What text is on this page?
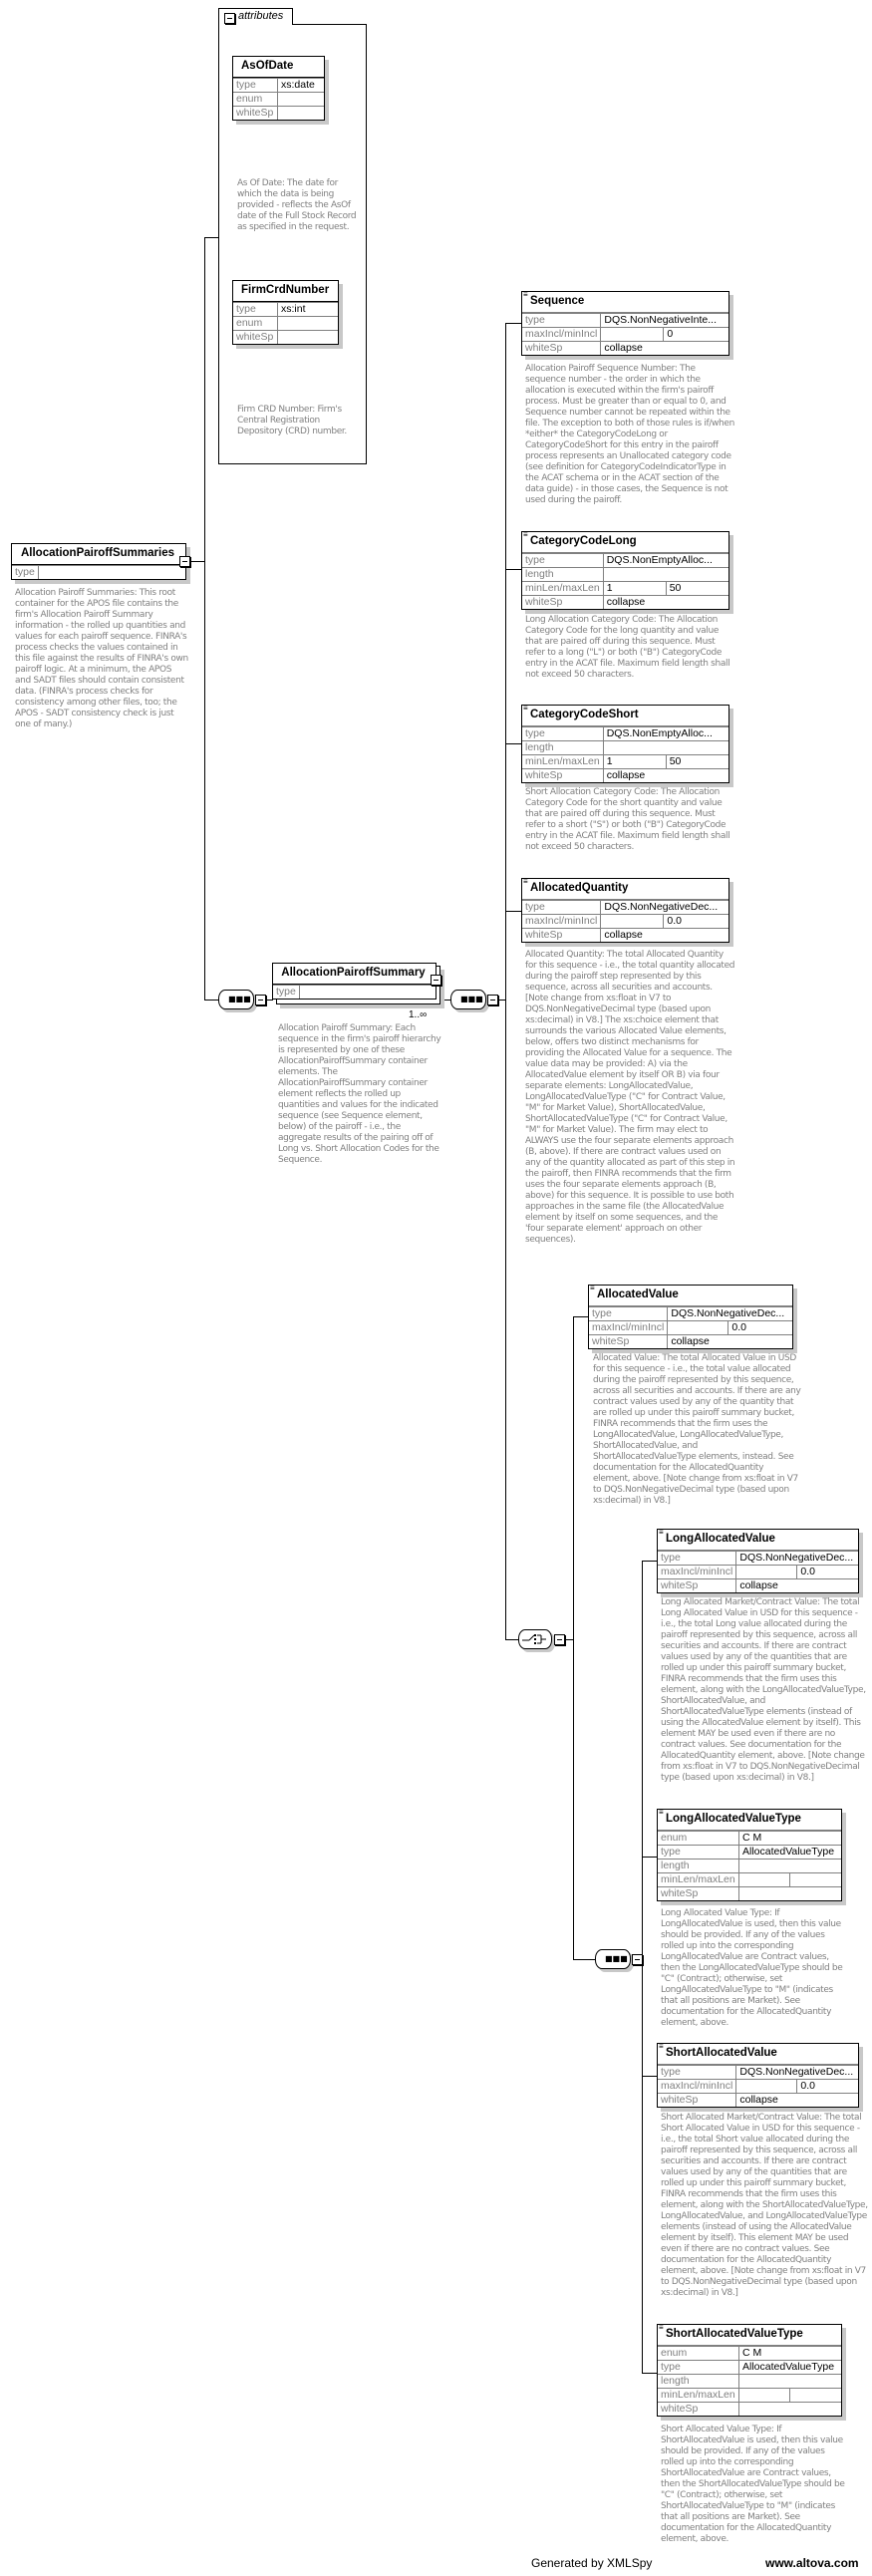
attributes
AsOfDate
type	xs:date
enum	
whiteSp	
As Of Date: The date for which the data is being provided - reflects the AsOf date of the Full Stock Record as specified in the request.
FirmCrdNumber
type	xs:int
enum	
whiteSp	
Firm CRD Number: Firm's Central Registration Depository (CRD) number.
AllocationPairoffSummaries
type	
Allocation Pairoff Summaries: This root container for the APOS file contains the firm's Allocation Pairoff Summary information - the rolled up quantities and values for each pairoff sequence. FINRA's process checks the values contained in this file against the results of FINRA's own pairoff logic. At a minimum, the APOS and SADT files should contain consistent data. (FINRA's process checks for consistency among other files, too; the APOS - SADT consistency check is just one of many.)
■■■
AllocationPairoffSummary
type	
1..∞
Allocation Pairoff Summary: Each sequence in the firm's pairoff hierarchy is represented by one of these AllocationPairoffSummary container elements. The AllocationPairoffSummary container element reflects the rolled up quantities and values for the indicated sequence (see Sequence element, below) of the pairoff - i.e., the aggregate results of the pairing off of Long vs. Short Allocation Codes for the Sequence.
■■■
≡
Sequence
type	DQS.NonNegativeInte...	
maxIncl/minIncl		0
whiteSp	collapse	
Allocation Pairoff Sequence Number: The sequence number - the order in which the allocation is executed within the firm's pairoff process. Must be greater than or equal to 0, and Sequence number cannot be repeated within the file. The exception to both of those rules is if/when *either* the CategoryCodeLong or CategoryCodeShort for this entry in the pairoff process represents an Unallocated category code (see definition for CategoryCodeIndicatorType in the ACAT schema or in the ACAT section of the data guide) - in those cases, the Sequence is not used during the pairoff.
≡
CategoryCodeLong
type	DQS.NonEmptyAlloc...	
length		
minLen/maxLen	1	50
whiteSp	collapse	
Long Allocation Category Code: The Allocation Category Code for the long quantity and value that are paired off during this sequence. Must refer to a long ("L") or both ("B") CategoryCode entry in the ACAT file. Maximum field length shall not exceed 50 characters.
≡
CategoryCodeShort
type	DQS.NonEmptyAlloc...	
length		
minLen/maxLen	1	50
whiteSp	collapse	
Short Allocation Category Code: The Allocation Category Code for the short quantity and value that are paired off during this sequence. Must refer to a short ("S") or both ("B") CategoryCode entry in the ACAT file. Maximum field length shall not exceed 50 characters.
≡
AllocatedQuantity
type	DQS.NonNegativeDec...	
maxIncl/minIncl		0.0
whiteSp	collapse	
Allocated Quantity: The total Allocated Quantity for this sequence - i.e., the total quantity allocated during the pairoff step represented by this sequence, across all securities and accounts. [Note change from xs:float in V7 to DQS.NonNegativeDecimal type (based upon xs:decimal) in V8.] The xs:choice element that surrounds the various Allocated Value elements, below, offers two distinct mechanisms for providing the Allocated Value for a sequence. The value data may be provided: A) via the AllocatedValue element by itself OR B) via four separate elements: LongAllocatedValue, LongAllocatedValueType ("C" for Contract Value, "M" for Market Value), ShortAllocatedValue, ShortAllocatedValueType ("C" for Contract Value, "M" for Market Value). The firm may elect to ALWAYS use the four separate elements approach (B, above). If there are contract values used on any of the quantity allocated as part of this step in the pairoff, then FINRA recommends that the firm uses the four separate elements approach (B, above) for this sequence. It is possible to use both approaches in the same file (the AllocatedValue element by itself on some sequences, and the 'four separate element' approach on other sequences).
≡
AllocatedValue
type	DQS.NonNegativeDec...	
maxIncl/minIncl		0.0
whiteSp	collapse	
Allocated Value: The total Allocated Value in USD for this sequence - i.e., the total value allocated during the pairoff represented by this sequence, across all securities and accounts. If there are any contract values used by any of the quantity that are rolled up under this pairoff summary bucket, FINRA recommends that the firm uses the LongAllocatedValue, LongAllocatedValueType, ShortAllocatedValue, and ShortAllocatedValueType elements, instead. See documentation for the AllocatedQuantity element, above. [Note change from xs:float in V7 to DQS.NonNegativeDecimal type (based upon xs:decimal) in V8.]
■■■
≡
LongAllocatedValue
type	DQS.NonNegativeDec...	
maxIncl/minIncl		0.0
whiteSp	collapse	
Long Allocated Market/Contract Value: The total Long Allocated Value in USD for this sequence - i.e., the total Long value allocated during the pairoff represented by this sequence, across all securities and accounts. If there are contract values used by any of the quantities that are rolled up under this pairoff summary bucket, FINRA recommends that the firm uses this element, along with the LongAllocatedValueType, ShortAllocatedValue, and ShortAllocatedValueType elements (instead of using the AllocatedValue element by itself). This element MAY be used even if there are no contract values. See documentation for the AllocatedQuantity element, above. [Note change from xs:float in V7 to DQS.NonNegativeDecimal type (based upon xs:decimal) in V8.]
≡
LongAllocatedValueType
enum	C M	
type	AllocatedValueType	
length		
minLen/maxLen		
whiteSp		
Long Allocated Value Type: If LongAllocatedValue is used, then this value should be provided. If any of the values rolled up into the corresponding LongAllocatedValue are Contract values, then the LongAllocatedValueType should be "C" (Contract); otherwise, set LongAllocatedValueType to "M" (indicates that all positions are Market). See documentation for the AllocatedQuantity element, above.
≡
ShortAllocatedValue
type	DQS.NonNegativeDec...	
maxIncl/minIncl		0.0
whiteSp	collapse	
Short Allocated Market/Contract Value: The total Short Allocated Value in USD for this sequence - i.e., the total Short value allocated during the pairoff represented by this sequence, across all securities and accounts. If there are contract values used by any of the quantities that are rolled up under this pairoff summary bucket, FINRA recommends that the firm uses this element, along with the ShortAllocatedValueType, LongAllocatedValue, and LongAllocatedValueType elements (instead of using the AllocatedValue element by itself). This element MAY be used even if there are no contract values. See documentation for the AllocatedQuantity element, above. [Note change from xs:float in V7 to DQS.NonNegativeDecimal type (based upon xs:decimal) in V8.]
≡
ShortAllocatedValueType
enum	C M	
type	AllocatedValueType	
length		
minLen/maxLen		
whiteSp		
Short Allocated Value Type: If ShortAllocatedValue is used, then this value should be provided. If any of the values rolled up into the corresponding ShortAllocatedValue are Contract values, then the ShortAllocatedValueType should be "C" (Contract); otherwise, set ShortAllocatedValueType to "M" (indicates that all positions are Market). See documentation for the AllocatedQuantity element, above.
Generated by XMLSpy	www.altova.com
